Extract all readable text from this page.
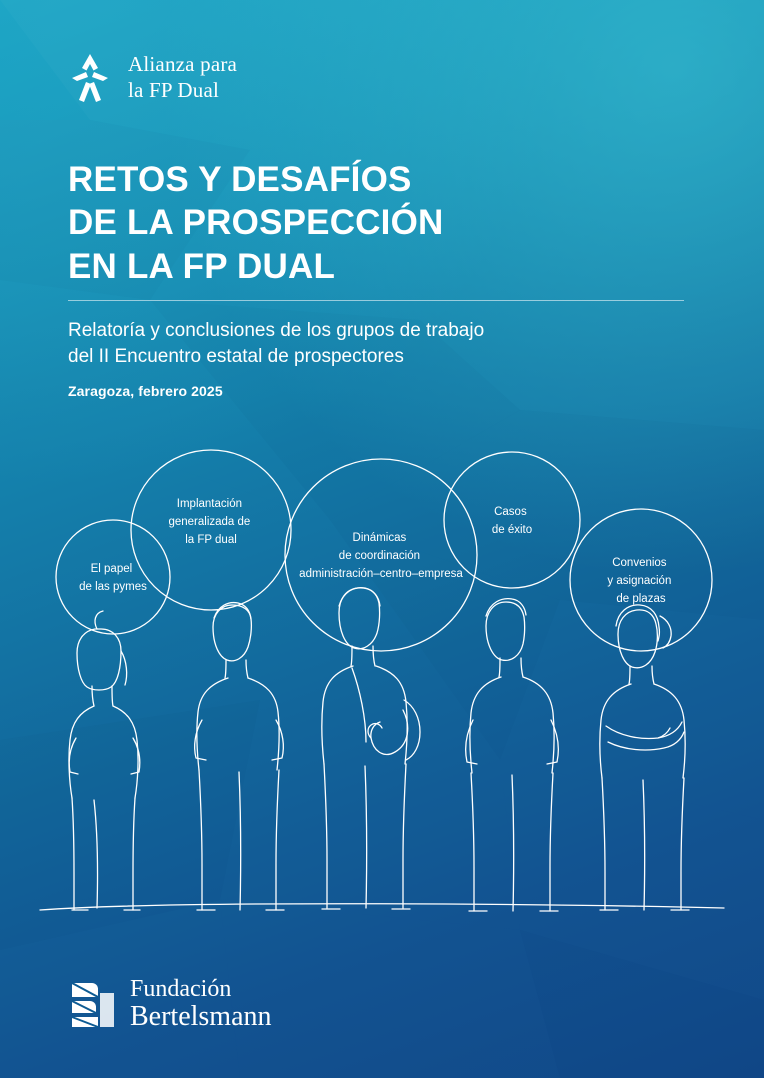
Alianza para
la FP Dual
RETOS Y DESAFÍOS
DE LA PROSPECCIÓN
EN LA FP DUAL
Relatoría y conclusiones de los grupos de trabajo
del II Encuentro estatal de prospectores
Zaragoza, febrero 2025
El papel de las pymes
Implantación generalizada de la FP dual	Dinámicas de coordinación administración–centro–empresa
Casos de éxito
Convenios y asignación de plazas
Fundación
Bertelsmann
